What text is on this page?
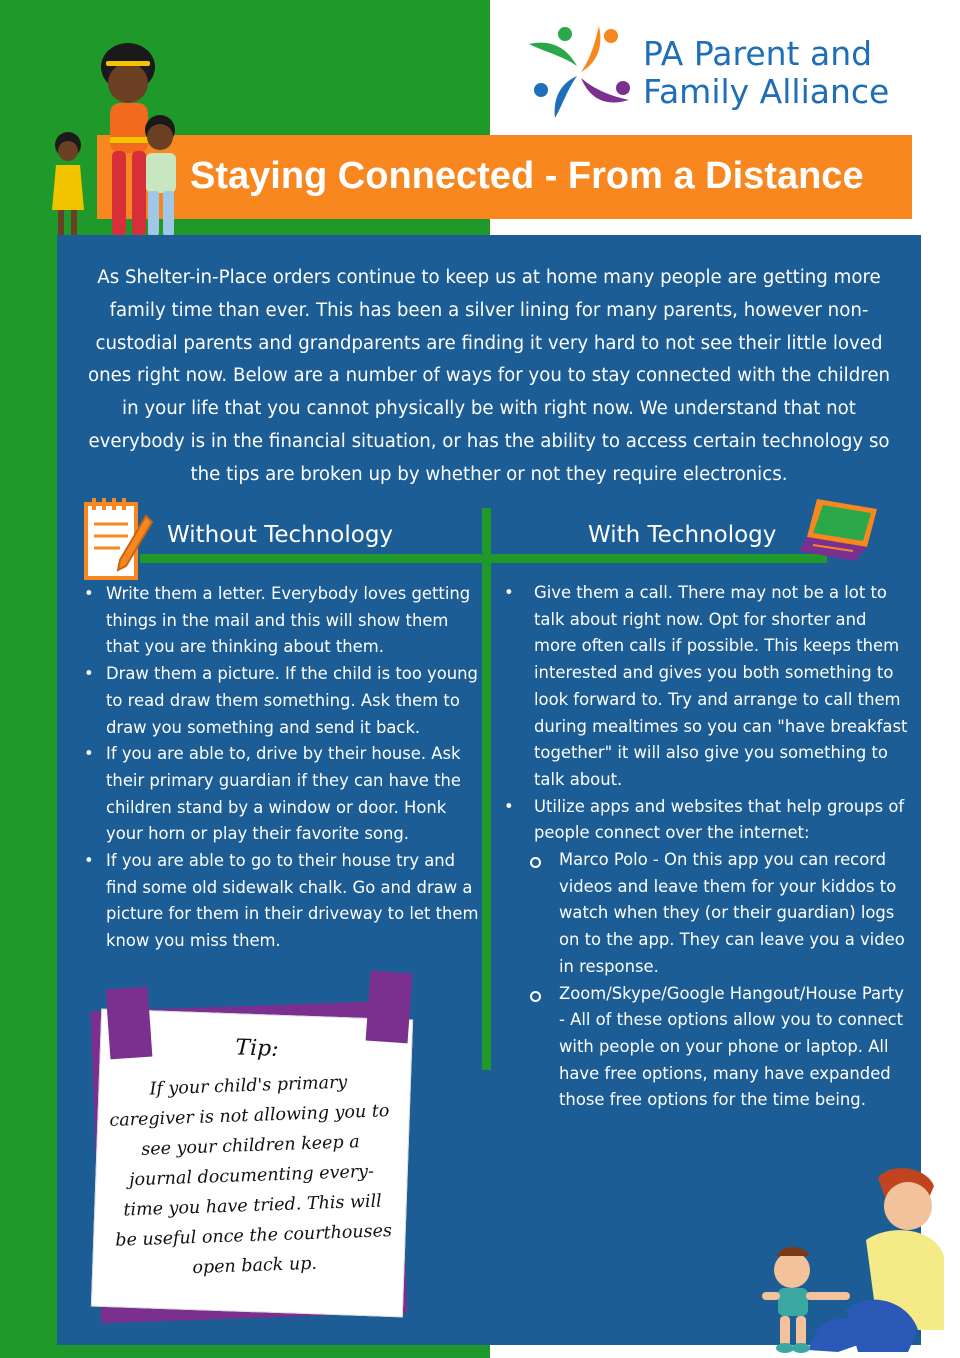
PA Parent and
Family Alliance
Staying Connected - From a Distance

As Shelter-in-Place orders continue to keep us at home many people are getting more family time than ever. This has been a silver lining for many parents, however non-custodial parents and grandparents are finding it very hard to not see their little loved ones right now. Below are a number of ways for you to stay connected with the children in your life that you cannot physically be with right now. We understand that not everybody is in the financial situation, or has the ability to access certain technology so the tips are broken up by whether or not they require electronics.

Without Technology	With Technology
• Write them a letter. Everybody loves getting things in the mail and this will show them that you are thinking about them.
• Draw them a picture. If the child is too young to read draw them something. Ask them to draw you something and send it back.
• If you are able to, drive by their house. Ask their primary guardian if they can have the children stand by a window or door. Honk your horn or play their favorite song.
• If you are able to go to their house try and find some old sidewalk chalk. Go and draw a picture for them in their driveway to let them know you miss them.
• Give them a call. There may not be a lot to talk about right now. Opt for shorter and more often calls if possible. This keeps them interested and gives you both something to look forward to. Try and arrange to call them during mealtimes so you can "have breakfast together" it will also give you something to talk about.
• Utilize apps and websites that help groups of people connect over the internet:
Marco Polo - On this app you can record videos and leave them for your kiddos to watch when they (or their guardian) logs on to the app. They can leave you a video in response.
Zoom/Skype/Google Hangout/House Party - All of these options allow you to connect with people on your phone or laptop. All have free options, many have expanded those free options for the time being.
Tip:
If your child's primary caregiver is not allowing you to see your children keep a journal documenting every-time you have tried. This will be useful once the courthouses open back up.
